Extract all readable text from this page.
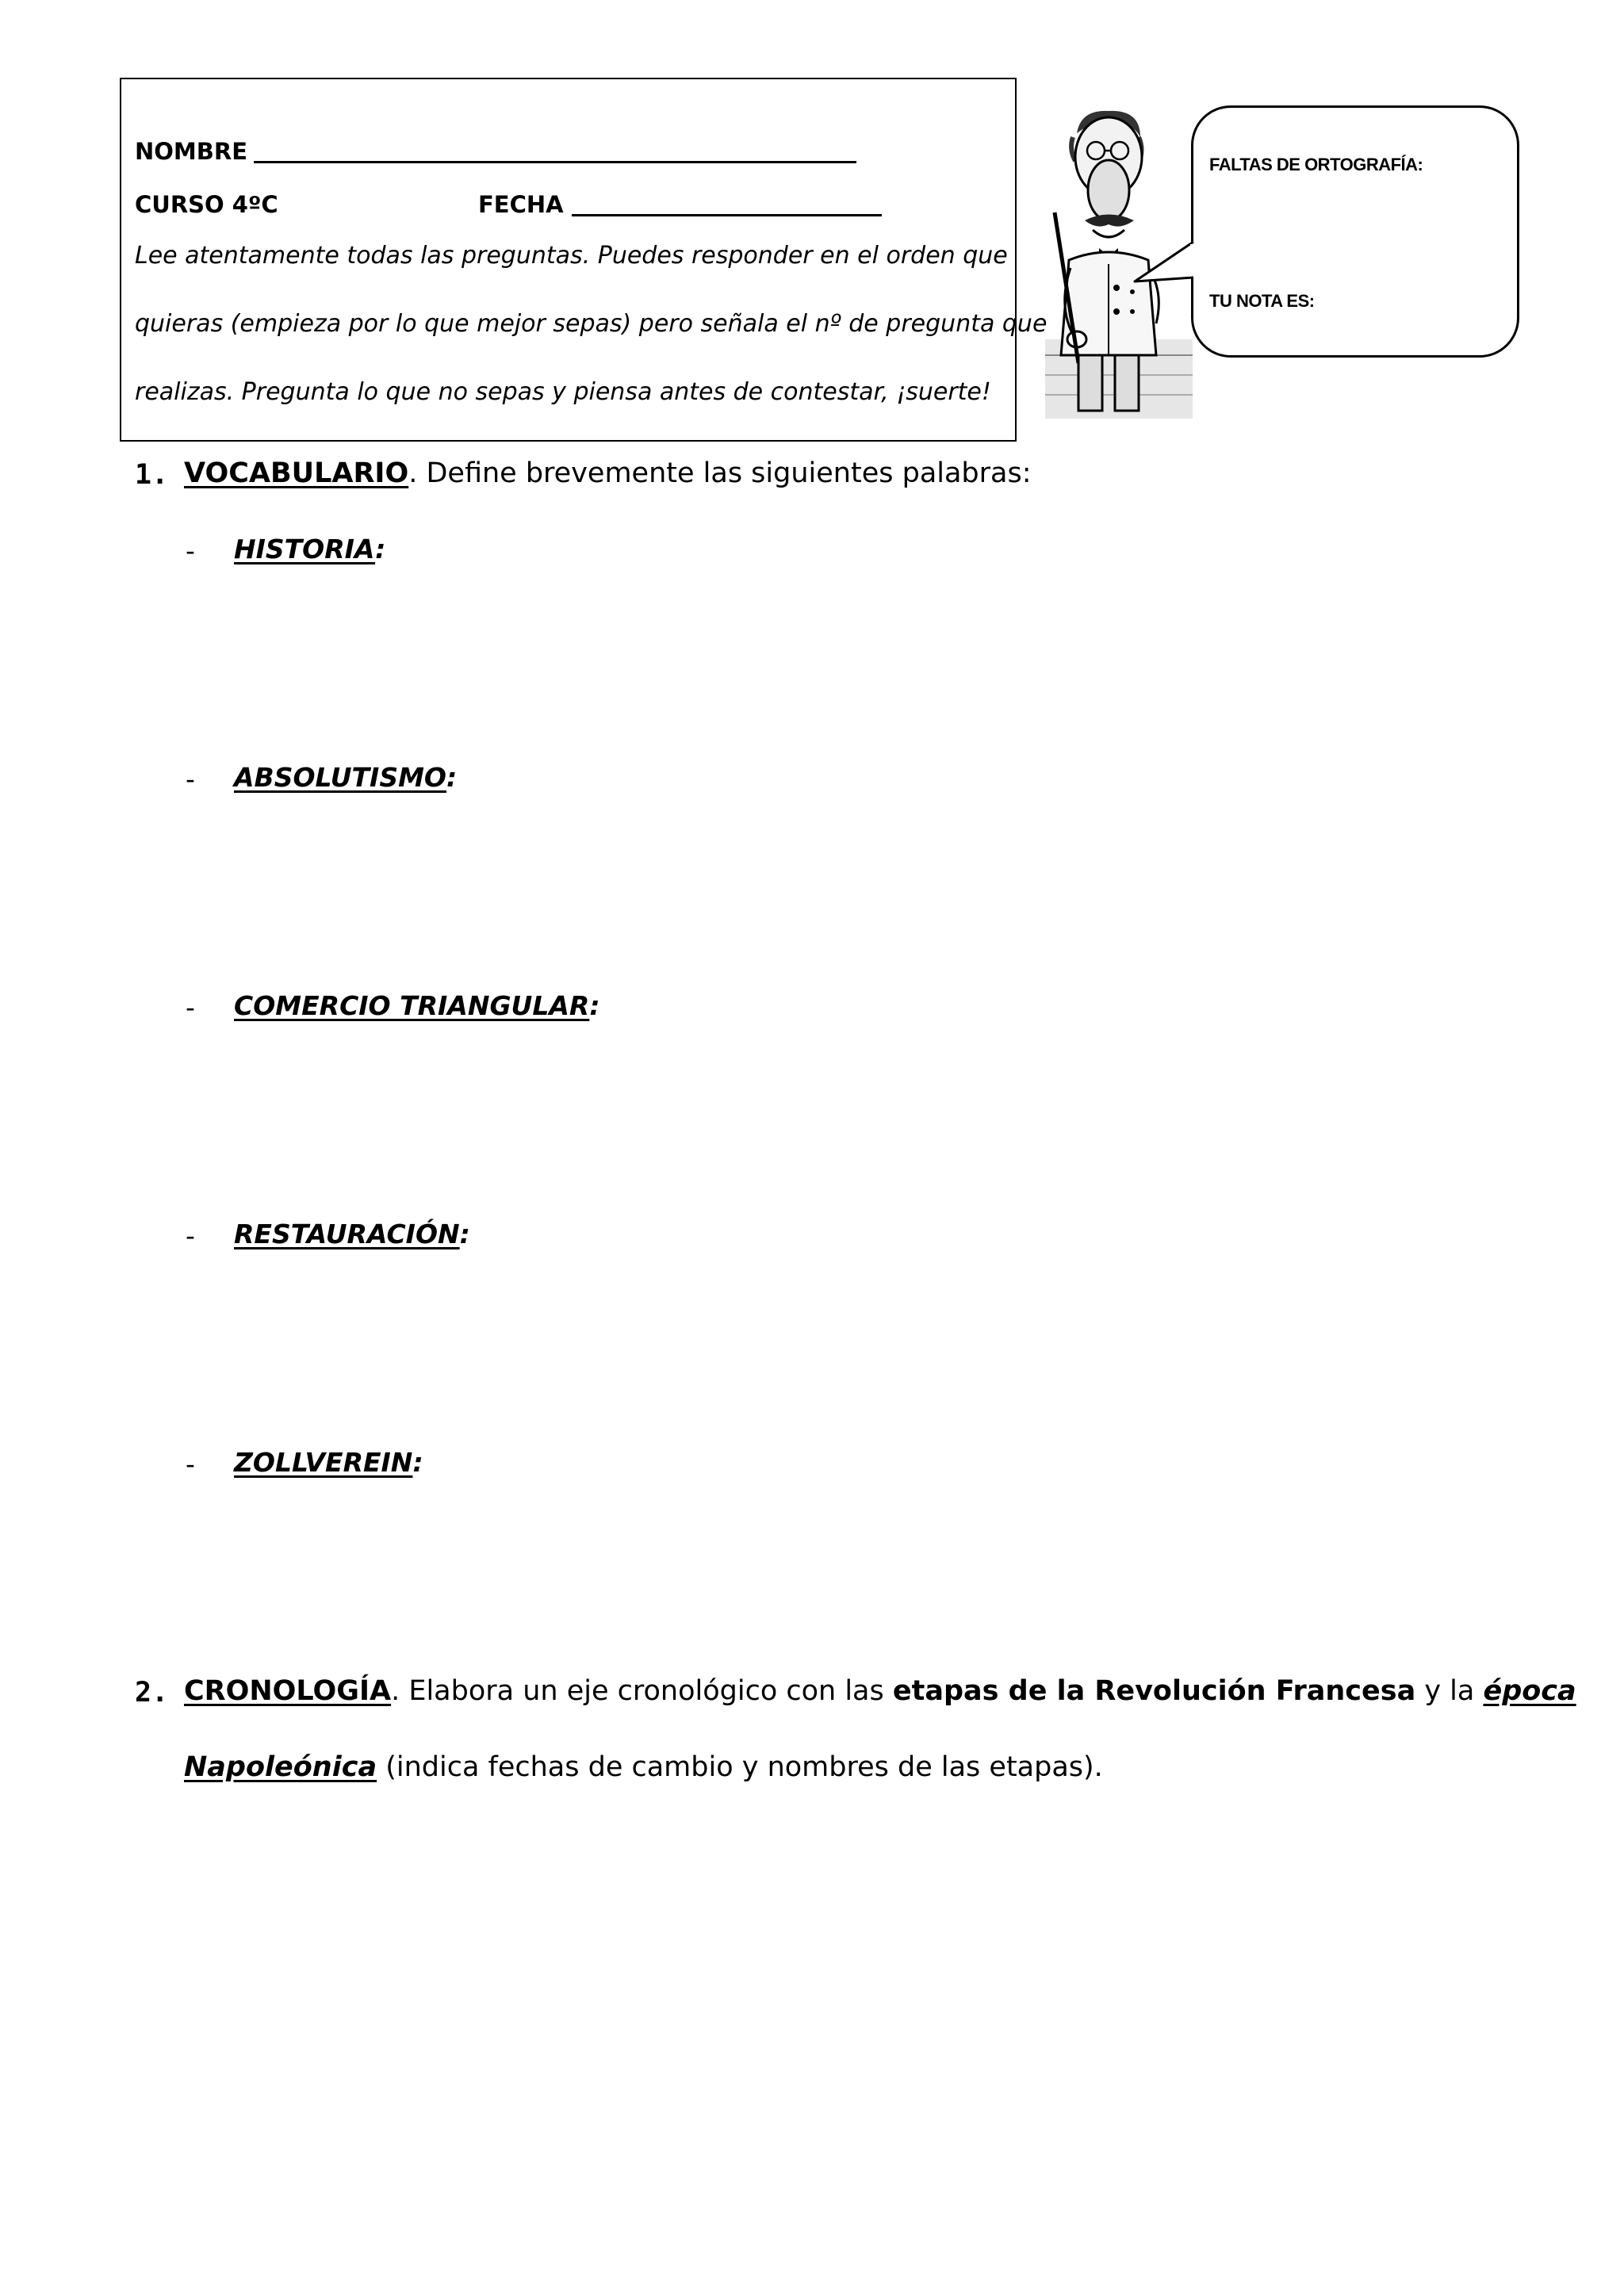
NOMBRE
CURSO 4ºC	FECHA
Lee atentamente todas las preguntas. Puedes responder en el orden que
quieras (empieza por lo que mejor sepas) pero señala el nº de pregunta que
realizas. Pregunta lo que no sepas y piensa antes de contestar, ¡suerte!
FALTAS DE ORTOGRAFÍA:
TU NOTA ES:
1. VOCABULARIO. Define brevemente las siguientes palabras:
- HISTORIA:
- ABSOLUTISMO:
- COMERCIO TRIANGULAR:
- RESTAURACIÓN:
- ZOLLVEREIN:
2. CRONOLOGÍA. Elabora un eje cronológico con las etapas de la Revolución Francesa y la época
Napoleónica (indica fechas de cambio y nombres de las etapas).
